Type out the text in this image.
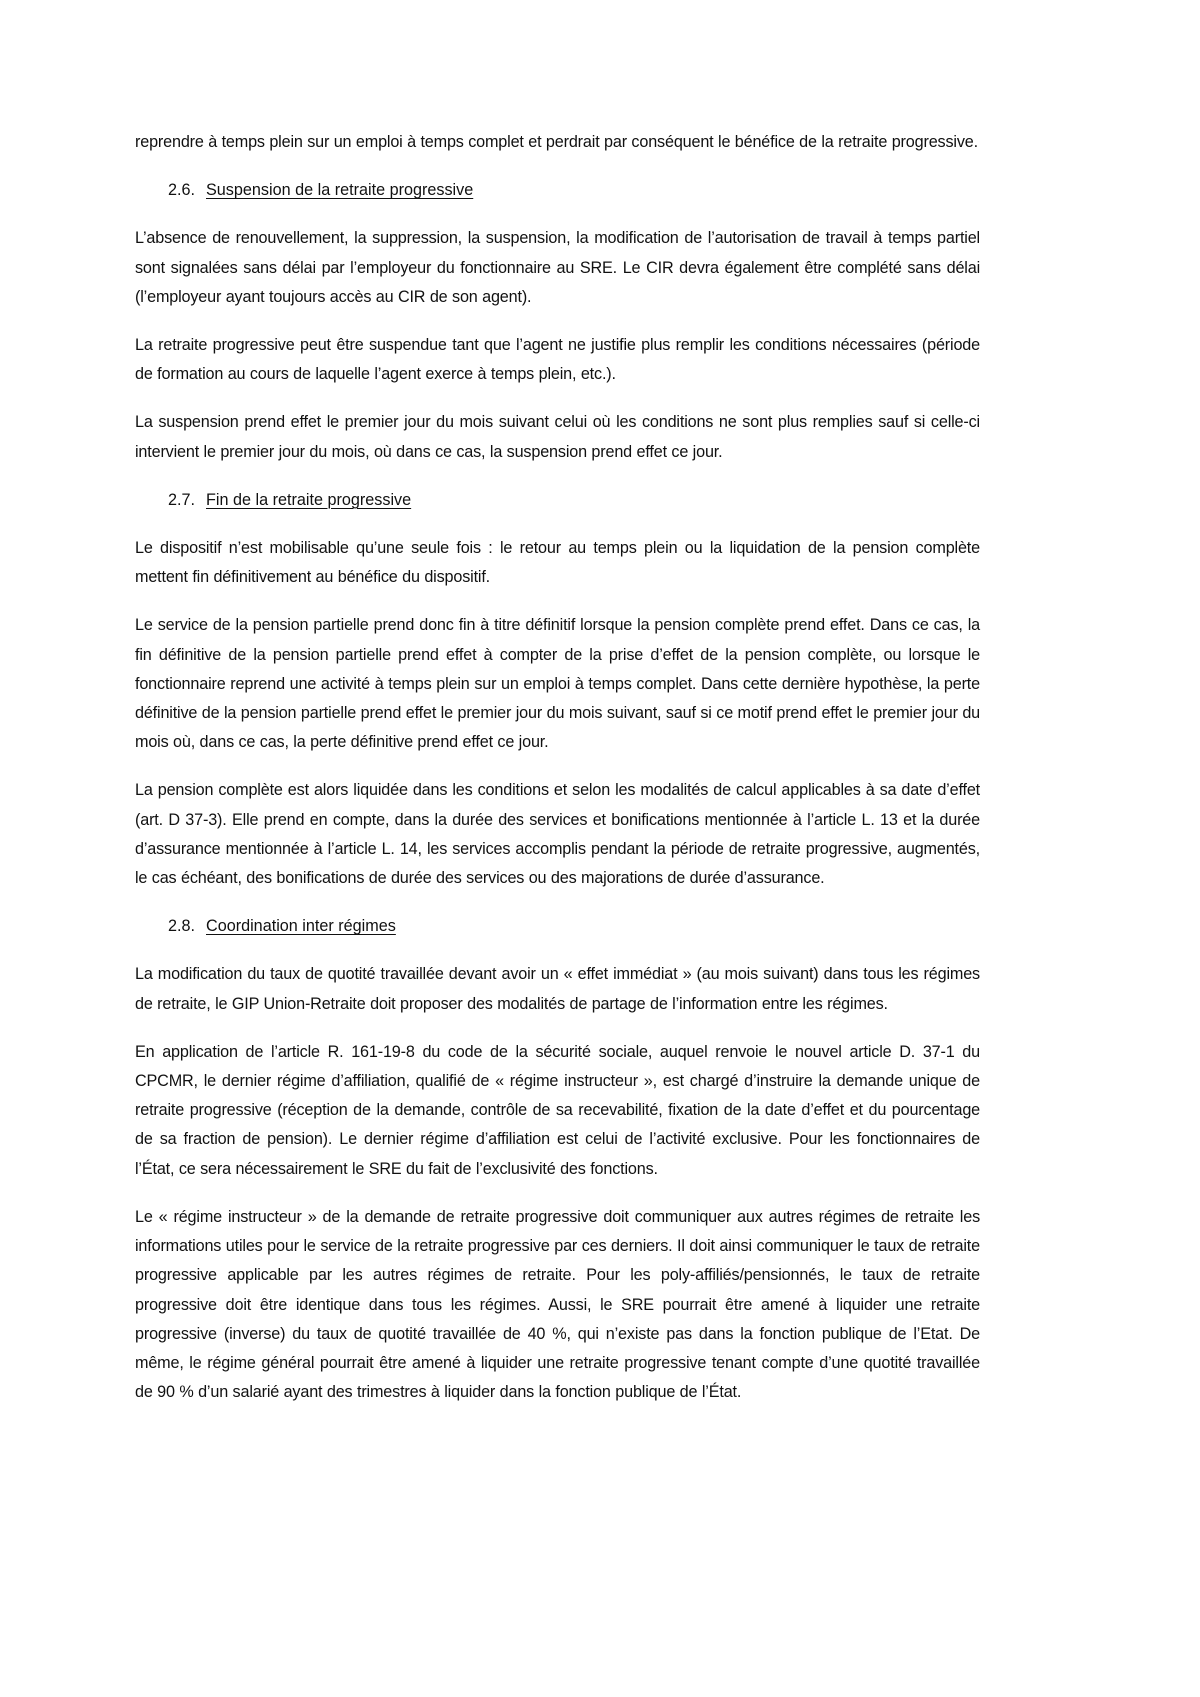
reprendre à temps plein sur un emploi à temps complet et perdrait par conséquent le bénéfice de la retraite progressive.

2.6. Suspension de la retraite progressive

L’absence de renouvellement, la suppression, la suspension, la modification de l’autorisation de travail à temps partiel sont signalées sans délai par l’employeur du fonctionnaire au SRE. Le CIR devra également être complété sans délai (l’employeur ayant toujours accès au CIR de son agent).

La retraite progressive peut être suspendue tant que l’agent ne justifie plus remplir les conditions nécessaires (période de formation au cours de laquelle l’agent exerce à temps plein, etc.).

La suspension prend effet le premier jour du mois suivant celui où les conditions ne sont plus remplies sauf si celle-ci intervient le premier jour du mois, où dans ce cas, la suspension prend effet ce jour.

2.7. Fin de la retraite progressive

Le dispositif n’est mobilisable qu’une seule fois : le retour au temps plein ou la liquidation de la pension complète mettent fin définitivement au bénéfice du dispositif.

Le service de la pension partielle prend donc fin à titre définitif lorsque la pension complète prend effet. Dans ce cas, la fin définitive de la pension partielle prend effet à compter de la prise d’effet de la pension complète, ou lorsque le fonctionnaire reprend une activité à temps plein sur un emploi à temps complet. Dans cette dernière hypothèse, la perte définitive de la pension partielle prend effet le premier jour du mois suivant, sauf si ce motif prend effet le premier jour du mois où, dans ce cas, la perte définitive prend effet ce jour.

La pension complète est alors liquidée dans les conditions et selon les modalités de calcul applicables à sa date d’effet (art. D 37-3). Elle prend en compte, dans la durée des services et bonifications mentionnée à l’article L. 13 et la durée d’assurance mentionnée à l’article L. 14, les services accomplis pendant la période de retraite progressive, augmentés, le cas échéant, des bonifications de durée des services ou des majorations de durée d’assurance.

2.8. Coordination inter régimes

La modification du taux de quotité travaillée devant avoir un « effet immédiat » (au mois suivant) dans tous les régimes de retraite, le GIP Union-Retraite doit proposer des modalités de partage de l’information entre les régimes.

En application de l’article R. 161-19-8 du code de la sécurité sociale, auquel renvoie le nouvel article D. 37-1 du CPCMR, le dernier régime d’affiliation, qualifié de « régime instructeur », est chargé d’instruire la demande unique de retraite progressive (réception de la demande, contrôle de sa recevabilité, fixation de la date d’effet et du pourcentage de sa fraction de pension). Le dernier régime d’affiliation est celui de l’activité exclusive. Pour les fonctionnaires de l’État, ce sera nécessairement le SRE du fait de l’exclusivité des fonctions.

Le « régime instructeur » de la demande de retraite progressive doit communiquer aux autres régimes de retraite les informations utiles pour le service de la retraite progressive par ces derniers. Il doit ainsi communiquer le taux de retraite progressive applicable par les autres régimes de retraite. Pour les poly-affiliés/pensionnés, le taux de retraite progressive doit être identique dans tous les régimes. Aussi, le SRE pourrait être amené à liquider une retraite progressive (inverse) du taux de quotité travaillée de 40 %, qui n’existe pas dans la fonction publique de l’Etat. De même, le régime général pourrait être amené à liquider une retraite progressive tenant compte d’une quotité travaillée de 90 % d’un salarié ayant des trimestres à liquider dans la fonction publique de l’État.
